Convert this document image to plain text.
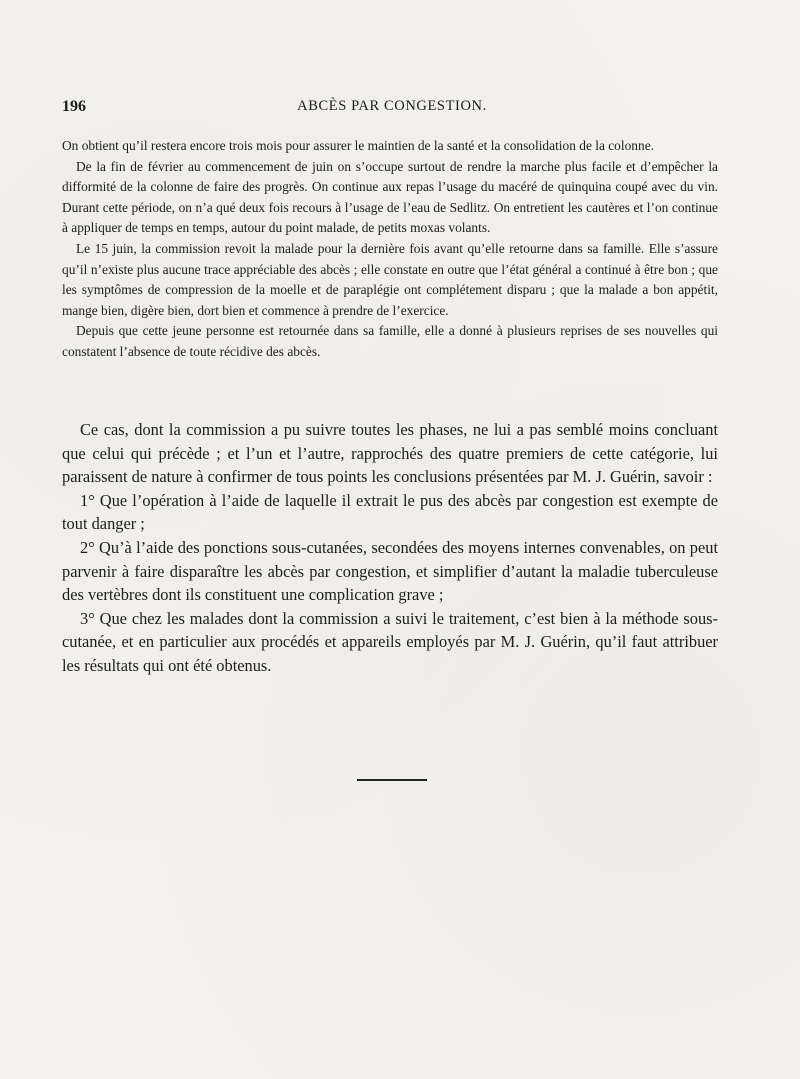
196	ABCÈS PAR CONGESTION.

On obtient qu’il restera encore trois mois pour assurer le maintien de la santé et la consolidation de la colonne.

De la fin de février au commencement de juin on s’occupe surtout de rendre la marche plus facile et d’empêcher la difformité de la colonne de faire des progrès. On continue aux repas l’usage du macéré de quinquina coupé avec du vin. Durant cette période, on n’a qué deux fois recours à l’usage de l’eau de Sedlitz. On entretient les cautères et l’on continue à appliquer de temps en temps, autour du point malade, de petits moxas volants.

Le 15 juin, la commission revoit la malade pour la dernière fois avant qu’elle retourne dans sa famille. Elle s’assure qu’il n’existe plus aucune trace appréciable des abcès ; elle constate en outre que l’état général a continué à être bon ; que les symptômes de compression de la moelle et de paraplégie ont complétement disparu ; que la malade a bon appétit, mange bien, digère bien, dort bien et commence à prendre de l’exercice.

Depuis que cette jeune personne est retournée dans sa famille, elle a donné à plusieurs reprises de ses nouvelles qui constatent l’absence de toute récidive des abcès.

Ce cas, dont la commission a pu suivre toutes les phases, ne lui a pas semblé moins concluant que celui qui précède ; et l’un et l’autre, rapprochés des quatre premiers de cette catégorie, lui paraissent de nature à confirmer de tous points les conclusions présentées par M. J. Guérin, savoir :

1° Que l’opération à l’aide de laquelle il extrait le pus des abcès par congestion est exempte de tout danger ;

2° Qu’à l’aide des ponctions sous-cutanées, secondées des moyens internes convenables, on peut parvenir à faire disparaître les abcès par congestion, et simplifier d’autant la maladie tuberculeuse des vertèbres dont ils constituent une complication grave ;

3° Que chez les malades dont la commission a suivi le traitement, c’est bien à la méthode sous-cutanée, et en particulier aux procédés et appareils employés par M. J. Guérin, qu’il faut attribuer les résultats qui ont été obtenus.
